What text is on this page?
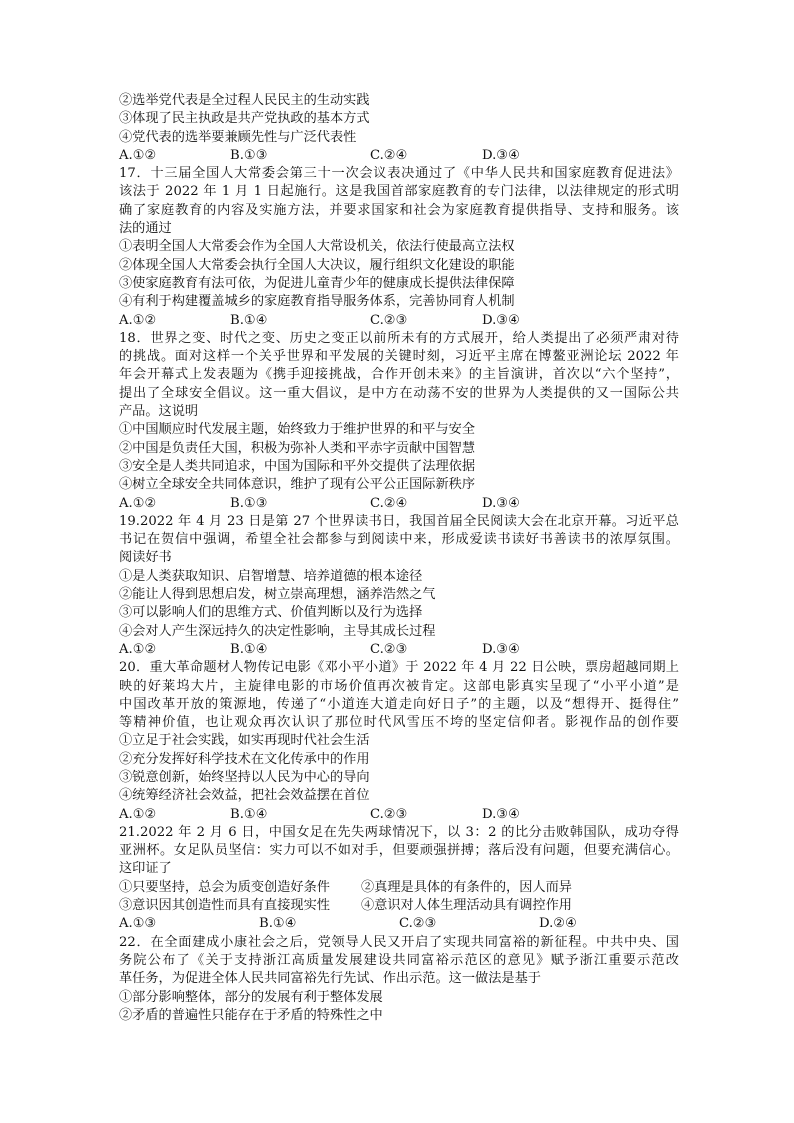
②选举党代表是全过程人民民主的生动实践
③体现了民主执政是共产党执政的基本方式
④党代表的选举要兼顾先性与广泛代表性
A.①②	B.①③	C.②④	D.③④
17．十三届全国人大常委会第三十一次会议表决通过了《中华人民共和国家庭教育促进法》
该法于 2022 年 1 月 1 日起施行。这是我国首部家庭教育的专门法律，以法律规定的形式明
确了家庭教育的内容及实施方法，并要求国家和社会为家庭教育提供指导、支持和服务。该
法的通过
①表明全国人大常委会作为全国人大常设机关，依法行使最高立法权
②体现全国人大常委会执行全国人大决议，履行组织文化建设的职能
③使家庭教育有法可依，为促进儿童青少年的健康成长提供法律保障
④有利于构建覆盖城乡的家庭教育指导服务体系，完善协同育人机制
A.①②	B.①④	C.②③	D.③④
18．世界之变、时代之变、历史之变正以前所未有的方式展开，给人类提出了必须严肃对待
的挑战。面对这样一个关乎世界和平发展的关键时刻，习近平主席在博鳌亚洲论坛 2022 年
年会开幕式上发表题为《携手迎接挑战，合作开创未来》的主旨演讲，首次以“六个坚持”，
提出了全球安全倡议。这一重大倡议，是中方在动荡不安的世界为人类提供的又一国际公共
产品。这说明
①中国顺应时代发展主题，始终致力于维护世界的和平与安全
②中国是负责任大国，积极为弥补人类和平赤字贡献中国智慧
③安全是人类共同追求，中国为国际和平外交提供了法理依据
④树立全球安全共同体意识，维护了现有公平公正国际新秩序
A.①②	B.①③	C.②④	D.③④
19.2022 年 4 月 23 日是第 27 个世界读书日，我国首届全民阅读大会在北京开幕。习近平总
书记在贺信中强调，希望全社会都参与到阅读中来，形成爱读书读好书善读书的浓厚氛围。
阅读好书
①是人类获取知识、启智增慧、培养道德的根本途径
②能让人得到思想启发，树立崇高理想，涵养浩然之气
③可以影响人们的思维方式、价值判断以及行为选择
④会对人产生深远持久的决定性影响，主导其成长过程
A.①②	B.①④	C.②③	D.③④
20．重大革命题材人物传记电影《邓小平小道》于 2022 年 4 月 22 日公映，票房超越同期上
映的好莱坞大片，主旋律电影的市场价值再次被肯定。这部电影真实呈现了“小平小道”是
中国改革开放的策源地，传递了“小道连大道走向好日子”的主题，以及“想得开、挺得住”
等精神价值，也让观众再次认识了那位时代风雪压不垮的坚定信仰者。影视作品的创作要
①立足于社会实践，如实再现时代社会生活
②充分发挥好科学技术在文化传承中的作用
③锐意创新，始终坚持以人民为中心的导向
④统筹经济社会效益，把社会效益摆在首位
A.①②	B.①④	C.②③	D.③④
21.2022 年 2 月 6 日，中国女足在先失两球情况下，以 3：2 的比分击败韩国队，成功夺得
亚洲杯。女足队员坚信：实力可以不如对手，但要顽强拼搏；落后没有问题，但要充满信心。
这印证了
①只要坚持，总会为质变创造好条件	②真理是具体的有条件的，因人而异
③意识因其创造性而具有直接现实性	④意识对人体生理活动具有调控作用
A.①③	B.①④	C.②③	D.②④
22．在全面建成小康社会之后，党领导人民又开启了实现共同富裕的新征程。中共中央、国
务院公布了《关于支持浙江高质量发展建设共同富裕示范区的意见》赋予浙江重要示范改
革任务，为促进全体人民共同富裕先行先试、作出示范。这一做法是基于
①部分影响整体，部分的发展有利于整体发展
②矛盾的普遍性只能存在于矛盾的特殊性之中
